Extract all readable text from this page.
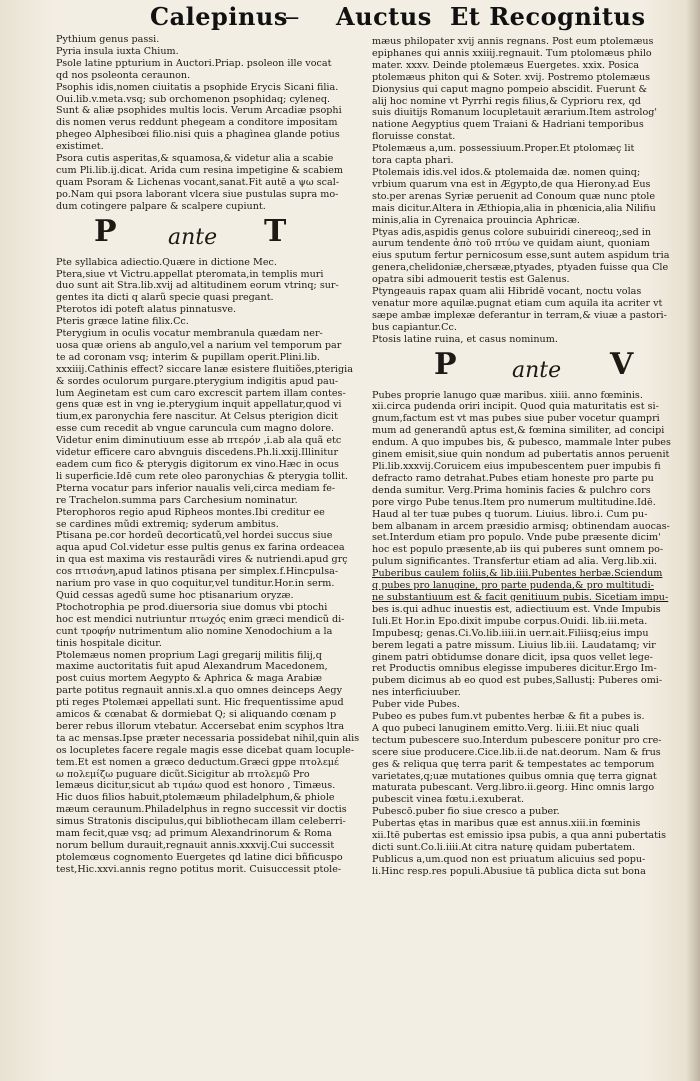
Calepinus
— Auctus Et Recognitus
Pythium genus passi.
Pyria insula iuxta Chium.
Psole latine ppturium in Auctori.Priap. psoleon ille vocat
qd nos psoleonta ceraunon.
Psophis idis,nomen ciuitatis a psophide Erycis Sicani filia.
Oui.lib.v.meta.vsq; sub orchomenon psophidaq; cyleneq.
Sunt & aliæ psophides multis locis. Verum Arcadiæ psophi
dis nomen verus reddunt phegeam a conditore impositam
phegeo Alphesibœi filio.nisi quis a phagìnea glande potius
existimet.
Psora cutis asperitas,& squamosa,& videtur alia a scabie
cum Pli.lib.ij.dicat. Arida cum resina impetigine & scabiem
quam Psoram & Lichenas vocant,sanat.Fit autē a ψω scal-
po.Nam qui psora laborant vlcera siue pustulas supra mo-
dum cotingere palpare & scalpere cupiunt.
P ante T
Pte syllabica adiectio.Quære in dictione Mec.
Ptera,siue vt Victru.appellat pteromata,in templis muri
duo sunt ait Stra.lib.xvij ad altitudinem eorum vtrinq; sur-
gentes ita dicti q alarũ specie quasi pregant.
Pterotos idi poteft alatus pinnatusve.
Pteris græce latine filix.Cc.
Pterygium in oculis vocatur membranula quædam ner-
uosa quæ oriens ab angulo,vel a narium vel temporum par
te ad coronam vsq; interim & pupillam operit.Plini.lib.
xxxiiij.Cathinis effect? siccare lanæ esistere fluitiões,pterigia
& sordes oculorum purgare.pterygium indigitis apud pau-
lum Aeginetam est cum caro excrescit partem illam contes-
gens quæ est in vng ie.pterygium inquit appellatur,quod vi
tium,ex paronychia fere nascitur. At Celsus pterigion dicit
esse cum recedit ab vngue caruncula cum magno dolore.
Videtur enim diminutiuum esse ab πτερόν ,i.ab ala quã etc
videtur efficere caro abvnguis discedens.Ph.li.xxij.Illinitur
eadem cum fico & pterygis digitorum ex vino.Hæc in ocus
li superficie.Idē cum rete oleo paronychias & pterygia tollit.
Pterna vocatur pars inferior naualis veli,circa mediam fe-
re Trachelon.summa pars Carchesium nominatur.
Pterophoros regio apud Ripheos montes.Ibi creditur ee
se cardines mũdi extremiq; syderum ambitus.
Ptisana pe.cor hordeũ decorticatũ,vel hordei succus siue
aqua apud Col.videtur esse pultis genus ex farina ordeacea
in qua est maxima vis restaurãdi vires & nutriendi.apud grç
cos πτισάνη,apud latinos ptisana per simplex.f.Hincpulsa-
narium pro vase in quo coquitur,vel tunditur.Hor.in serm.
Quid cessas agedũ sume hoc ptisanarium oryzæ.
Ptochotrophia pe prod.diuersoria siue domus vbi ptochi
hoc est mendici nutriuntur πτωχός enim græci mendicũ di-
cunt τροφήν nutrimentum alio nomine Xenodochium a la
tinis hospitale dicitur.
Ptolemæus nomen proprium Lagi gregarij militis filij,q
maxime auctoritatis fuit apud Alexandrum Macedonem,
post cuius mortem Aegypto & Aphrica & maga Arabiæ
parte potitus regnauit annis.xl.a quo omnes deinceps Aegy
pti reges Ptolemæi appellati sunt. Hic frequentissime apud
amicos & cœnabat & dormiebat Q; si aliquando cœnam p
berer rebus illorum vtebatur. Accersebat enim scyphos ltra
ta ac mensas.Ipse præter necessaria possidebat nihil,quin alis
os locupletes facere regale magis esse dicebat quam locuple-
tem.Et est nomen a græco deductum.Græci gppe πτολεμέ
ω πολεμίζω puguare dicũt.Sicigitur ab πτολεμῶ Pro
lemæus dicitur,sicut ab τιμάω quod est honoro , Timæus.
Hic duos filios habuit,ptolemæum philadelphum,& phiole
mæum ceraunum.Philadelphus in regno successit vir doctis
simus Stratonis discipulus,qui bibliothecam illam celeberri-
mam fecit,quæ vsq; ad primum Alexandrinorum & Roma
norum bellum durauit,regnauit annis.xxxvij.Cui successit
ptolemœus cognomento Euergetes qd latine dici bñficuspo
test,Hic.xxvi.annis regno potitus morit. Cuisuccessit ptole-
mæus philopater xvij annis regnans. Post eum ptolemæus
epiphanes qui annis xxiiij.regnauit. Tum ptolomæus philo
mater. xxxv. Deinde ptolemæus Euergetes. xxix. Posica
ptolemæus phiton qui & Soter. xvij. Postremo ptolemæus
Dionysius qui caput magno pompeio abscidit. Fuerunt &
alij hoc nomine vt Pyrrhi regis filius,& Cyprioru rex, qd
suis diuitijs Romanum locupletauit ærarium.Item astrolog'
natione Aegyptius quem Traiani & Hadriani temporibus
floruisse constat.
Ptolemæus a,um. possessiuum.Proper.Et ptolomæç lit
tora capta phari.
Ptolemais idis.vel idos.& ptolemaida dæ. nomen quinq;
vrbium quarum vna est in Ægypto,de qua Hierony.ad Eus
sto.per arenas Syriæ peruenit ad Conoum quæ nunc ptole
mais dicitur.Altera in Æthiopia,alia in phœnicia,alia Nilifiu
minis,alia in Cyrenaica prouincia Aphricæ.
Ptyas adis,aspidis genus colore subuiridi cinereoq;,sed in
aurum tendente ἀπὸ τοῦ πτύω ve quidam aiunt, quoniam
eius sputum fertur pernicosum esse,sunt autem aspidum tria
genera,chelidoniæ,chersææ,ptyades, ptyaden fuisse qua Cle
opatra sibi admouerit testis est Galenus.
Ptyngeauis rapax quam alii Hibridē vocant, noctu volas
venatur more aquilæ.pugnat etiam cum aquila ita acriter vt
sæpe ambæ implexæ deferantur in terram,& viuæ a pastori-
bus capiantur.Cc.
Ptosis latine ruina, et casus nominum.
P	ante V
Pubes proprie lanugo quæ maribus. xiiii. anno fœminis.
xii.circa pudenda oriri incipit. Quod quia maturitatis est si-
gnum,factum est vt mas pubes siue puber vocetur quampri
mum ad generandũ aptus est,& fœmina similiter, ad concipi
endum. A quo impubes bis, & pubesco, mammale lnter pubes
ginem emisit,siue quin nondum ad pubertatis annos peruenit
Pli.lib.xxxvij.Coruicem eius impubescentem puer impubis fi
defracto ramo detrahat.Pubes etiam honeste pro parte pu
denda sumitur. Verg.Prima hominis facies & pulchro cors
pore virgo Pube tenus.Item pro numerum multitudine.Idē.
Haud al ter tuæ pubes q tuorum. Liuius. libro.i. Cum pu-
bem albanam in arcem præsidio armisq; obtinendam auocas-
set.Interdum etiam pro populo. Vnde pube præsente dicim'
hoc est populo præsente,ab iis qui puberes sunt omnem po-
pulum significantes. Transfertur etiam ad alia. Verg.lib.xii.
Puberibus caulem foliis,& lib.iiii.Pubentes herbæ.Sciendum
q pubes pro lanugine, pro parte pudenda,& pro multitudi-
ne substantiuum est & facit genitiuum pubis. Sicetiam impu-
bes is.qui adhuc inuestis est, adiectiuum est. Vnde Impubis
Iuli.Et Hor.in Epo.dixit impube corpus.Ouidi. lib.iii.meta.
Impubesq; genas.Ci.Vo.lib.iiii.in uerr.ait.Filiisq;eius impu
berem legati a patre missum. Liuius lib.iii. Laudatamq; vir
ginem patri obtidumse donare dicit, ipsa quos vellet lege-
ret Productis omnibus elegisse impuberes dicitur.Ergo Im-
pubem dicimus ab eo quod est pubes,Sallustį: Puberes omi-
nes interficiuuber.
Puber vide Pubes.
Pubeo es pubes fum.vt pubentes herbæ & fit a pubes is.
A quo pubeci lanuginem emitto.Verg. li.iii.Et niuc quali
tectum pubescere suo.Interdum pubescere ponitur pro cre-
scere siue producere.Cice.lib.ii.de nat.deorum. Nam & frus
ges & reliqua quę terra parit & tempestates ac temporum
varietates,q;uæ mutationes quibus omnia quę terra gignat
maturata pubescant. Verg.libro.ii.georg. Hinc omnis largo
pubescit vinea fœtu.i.exuberat.
Pubescō.puber fio siue cresco a puber.
Pubertas ętas in maribus quæ est annus.xiii.in fœminis
xii.Itē pubertas est emissio ipsa pubis, a qua anni pubertatis
dicti sunt.Co.li.iiii.At citra naturę quidam pubertatem.
Publicus a,um.quod non est priuatum alicuius sed popu-
li.Hinc resp.res populi.Abusiue tā publica dicta sut bona
